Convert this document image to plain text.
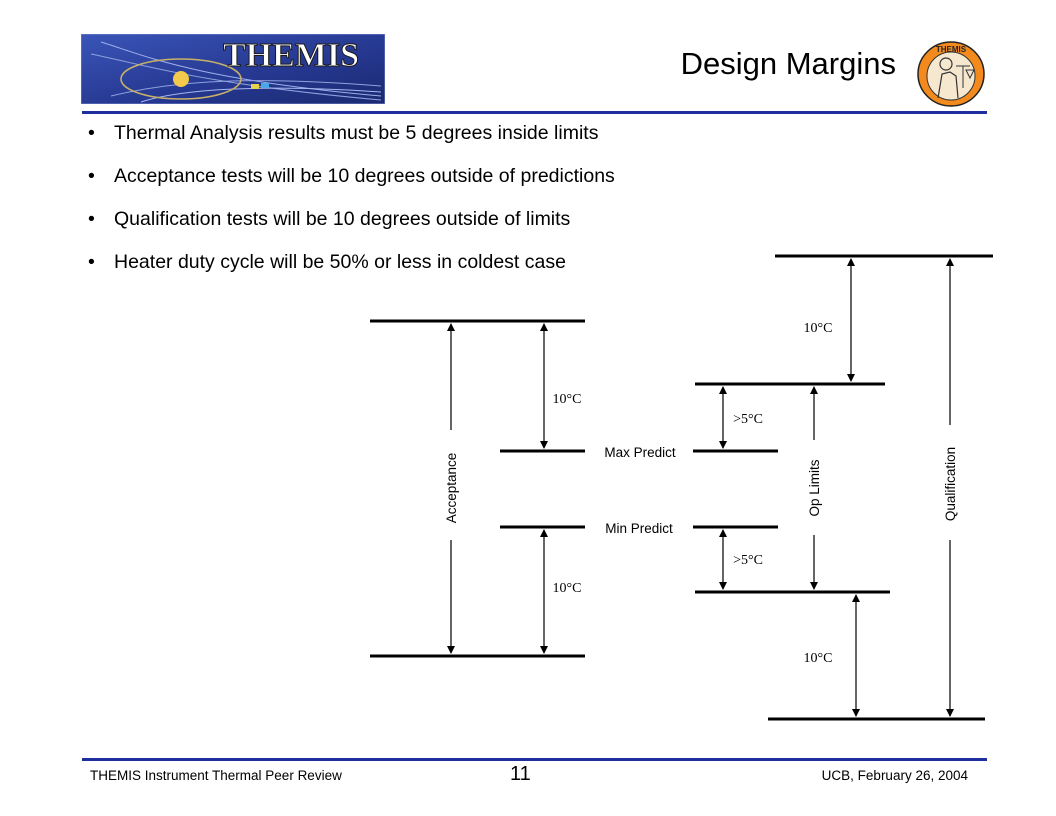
THEMIS	Design Margins	THEMIS
• Thermal Analysis results must be 5 degrees inside limits
• Acceptance tests will be 10 degrees outside of predictions
• Qualification tests will be 10 degrees outside of limits
• Heater duty cycle will be 50% or less in coldest case
Max Predict
Min Predict
10°C
10°C
>5°C
>5°C
10°C
10°C
Acceptance	Op Limits	Qualification
THEMIS Instrument Thermal Peer Review	11	UCB, February 26, 2004
